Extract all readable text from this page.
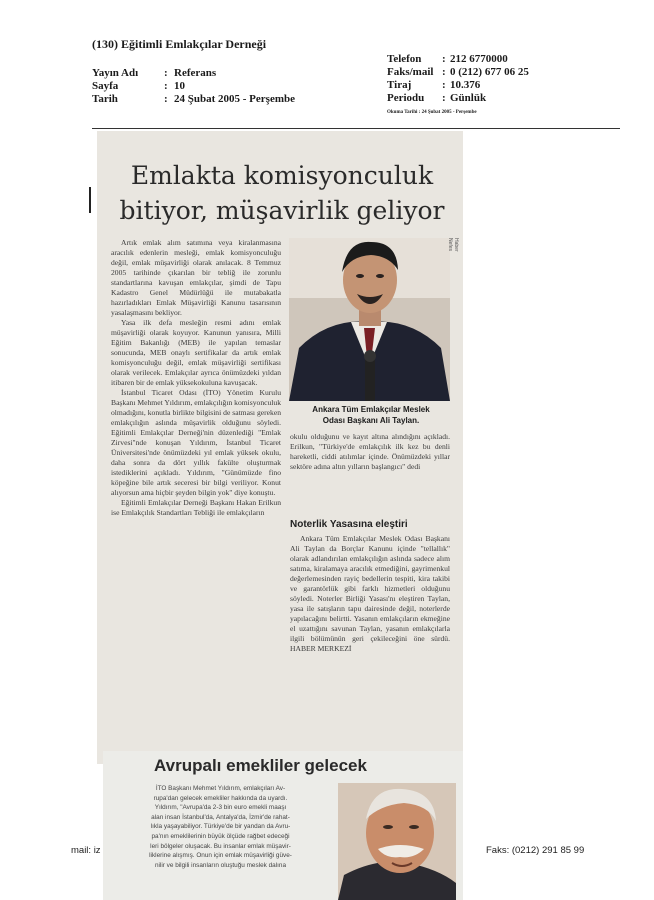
(130) Eğitimli Emlakçılar Derneği
Yayın Adı	: Referans
Sayfa	: 10
Tarih	: 24 Şubat 2005 - Perşembe
Telefon	: 212 6770000
Faks/mail : 0 (212) 677 06 25
Tiraj	: 10.376
Periodu	: Günlük
Okuma Tarihi : 24 Şubat 2005 - Perşembe
Emlakta komisyonculuk
bitiyor, müşavirlik geliyor
Haber Nefes
Ankara Tüm Emlakçılar Meslek
Odası Başkanı Ali Taylan.

Artık emlak alım satımına veya kiralanmasına aracılık edenlerin mesleği, emlak komisyonculuğu değil, emlak müşavirliği olarak anılacak. 8 Temmuz 2005 tarihinde çıkarılan bir tebliğ ile zorunlu standartlarına kavuşan emlakçılar, şimdi de Tapu Kadastro Genel Müdürlüğü ile mutabakatla hazırladıkları Emlak Müşavirliği Kanunu tasarısının yasalaşmasını bekliyor.

Yasa ilk defa mesleğin resmi adını emlak müşavirliği olarak koyuyor. Kanunun yanısıra, Milli Eğitim Bakanlığı (MEB) ile yapılan temaslar sonucunda, MEB onaylı sertifikalar da artık emlak komisyonculuğu değil, emlak müşavirliği sertifikası olarak verilecek. Emlakçılar ayrıca önümüzdeki yıldan itibaren bir de emlak yüksekokuluna kavuşacak.

İstanbul Ticaret Odası (İTO) Yönetim Kurulu Başkanı Mehmet Yıldırım, emlakçılığın komisyonculuk olmadığını, konutla birlikte bilgisini de satması gereken emlakçılığın aslında müşavirlik olduğunu söyledi. Eğitimli Emlakçılar Derneği'nin düzenlediği "Emlak Zirvesi"nde konuşan Yıldırım, İstanbul Ticaret Üniversitesi'nde önümüzdeki yıl emlak yüksek okulu, daha sonra da dört yıllık fakülte oluşturmak istediklerini açıkladı. Yıldırım, "Günümüzde fino köpeğine bile artık seceresi bir bilgi veriliyor. Konut alıyorsun ama hiçbir şeyden bilgin yok" diye konuştu.

Eğitimli Emlakçılar Derneği Başkanı Hakan Erilkun ise Emlakçılık Standartları Tebliği ile emlakçıların

okulu olduğunu ve kayıt altına alındığını açıkladı. Erilkun, "Türkiye'de emlakçılık ilk kez bu denli hareketli, ciddi atılımlar içinde. Önümüzdeki yıllar sektöre adına altın yılların başlangıcı" dedi

Noterlik Yasasına eleştiri

Ankara Tüm Emlakçılar Meslek Odası Başkanı Ali Taylan da Borçlar Kanunu içinde "tellallık" olarak adlandırılan emlakçılığın aslında sadece alım satıma, kiralamaya aracılık etmediğini, gayrimenkul değerlemesinden rayiç bedellerin tespiti, kira takibi ve garantörlük gibi farklı hizmetleri olduğunu söyledi. Noterler Birliği Yasası'nı eleştiren Taylan, yasa ile satışların tapu dairesinde değil, noterlerde yapılacağını belirtti. Yasanın emlakçıların ekmeğine el uzattığını savunan Taylan, yasanın emlakçılarla ilgili bölümünün geri çekileceğini öne sürdü. HABER MERKEZİ

Avrupalı emekliler gelecek

İTO Başkanı Mehmet Yıldırım, emlakçıları Av-

rupa'dan gelecek emekliler hakkında da uyardı.

Yıldırım, "Avrupa'da 2-3 bin euro emekli maaşı

alan insan İstanbul'da, Antalya'da, İzmir'de rahat-

lıkla yaşayabiliyor. Türkiye'de bir yandan da Avru-

pa'nın emeklilerinin büyük ölçüde rağbet edeceği

leri bölgeler oluşacak. Bu insanlar emlak müşavir-

liklerine alışmış. Onun için emlak müşavirliği güve-

nilir ve bilgili insanların oluştuğu meslek dalına

mail: iz	Faks: (0212) 291 85 99
